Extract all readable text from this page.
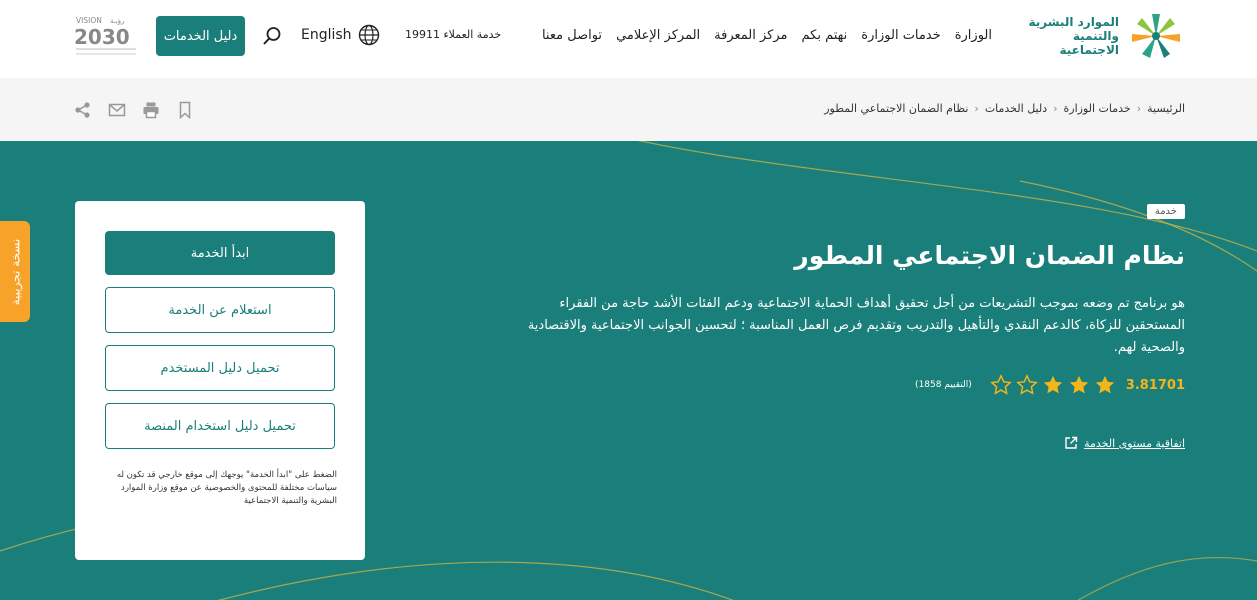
الموارد البشرية
والتنمية الاجتماعية
الوزارة
خدمات الوزارة
نهتم بكم
مركز المعرفة
المركز الإعلامي
تواصل معنا
خدمة العملاء 19911
English
دليل الخدمات
VISION رؤيـة
2030
الرئيسية
‹
خدمات الوزارة
‹
دليل الخدمات
‹
نظام الضمان الاجتماعي المطور
خدمة
نظام الضمان الاجتماعي المطور

هو برنامج تم وضعه بموجب التشريعات من أجل تحقيق أهداف الحماية الاجتماعية ودعم الفئات الأشد حاجة من الفقراء المستحقين للزكاة، كالدعم النقدي والتأهيل والتدريب وتقديم فرص العمل المناسبة ؛ لتحسين الجوانب الاجتماعية والاقتصادية والصحية لهم.

3.81701
(التقييم 1858)
اتفاقية مستوى الخدمة
ابدأ الخدمة
استعلام عن الخدمة
تحميل دليل المستخدم
تحميل دليل استخدام المنصة

الضغط على "ابدأ الخدمة" يوجهك إلى موقع خارجي قد تكون له سياسات مختلفة للمحتوى والخصوصية عن موقع وزارة الموارد البشرية والتنمية الاجتماعية

نسخة تجريبية
